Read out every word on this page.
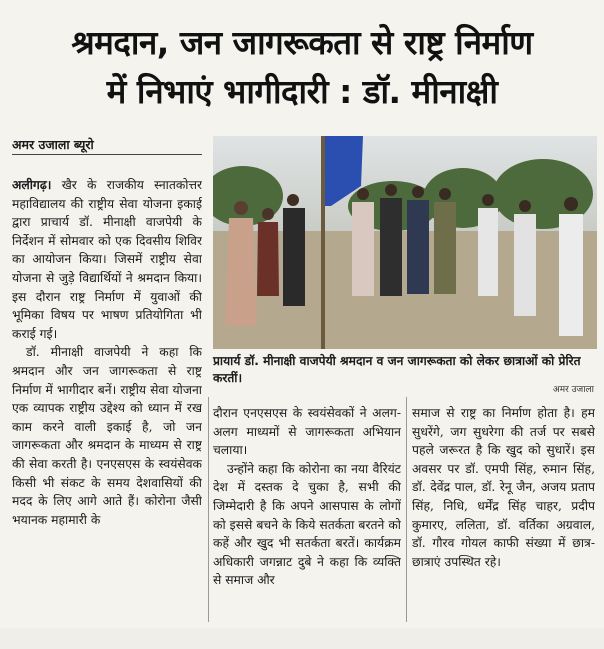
श्रमदान, जन जागरूकता से राष्ट्र निर्माण
में निभाएं भागीदारी : डॉ. मीनाक्षी
अमर उजाला ब्यूरो

अलीगढ़। खैर के राजकीय स्नातकोत्तर महाविद्यालय की राष्ट्रीय सेवा योजना इकाई द्वारा प्राचार्य डॉ. मीनाक्षी वाजपेयी के निर्देशन में सोमवार को एक दिवसीय शिविर का आयोजन किया। जिसमें राष्ट्रीय सेवा योजना से जुड़े विद्यार्थियों ने श्रमदान किया। इस दौरान राष्ट्र निर्माण में युवाओं की भूमिका विषय पर भाषण प्रतियोगिता भी कराई गई।

डॉ. मीनाक्षी वाजपेयी ने कहा कि श्रमदान और जन जागरूकता से राष्ट्र निर्माण में भागीदार बनें। राष्ट्रीय सेवा योजना एक व्यापक राष्ट्रीय उद्देश्य को ध्यान में रख काम करने वाली इकाई है, जो जन जागरूकता और श्रमदान के माध्यम से राष्ट्र की सेवा करती है। एनएसएस के स्वयंसेवक किसी भी संकट के समय देशवासियों की मदद के लिए आगे आते हैं। कोरोना जैसी भयानक महामारी के

प्रायार्य डॉ. मीनाक्षी वाजपेयी श्रमदान व जन जागरूकता को लेकर छात्राओं को प्रेरित करतीं।
अमर उजाला

दौरान एनएसएस के स्वयंसेवकों ने अलग-अलग माध्यमों से जागरूकता अभियान चलाया।

उन्होंने कहा कि कोरोना का नया वैरियंट देश में दस्तक दे चुका है, सभी की जिम्मेदारी है कि अपने आसपास के लोगों को इससे बचने के किये सतर्कता बरतने को कहें और खुद भी सतर्कता बरतें। कार्यक्रम अधिकारी जगन्नाट दुबे ने कहा कि व्यक्ति से समाज और

समाज से राष्ट्र का निर्माण होता है। हम सुधरेंगे, जग सुधरेगा की तर्ज पर सबसे पहले जरूरत है कि खुद को सुधारें। इस अवसर पर डॉ. एमपी सिंह, रुमान सिंह, डॉ. देवेंद्र पाल, डॉ. रेनू जैन, अजय प्रताप सिंह, निधि, धर्मेंद्र सिंह चाहर, प्रदीप कुमारए, ललिता, डॉ. वर्तिका अग्रवाल, डॉ. गौरव गोयल काफी संख्या में छात्र-छात्राएं उपस्थित रहे।
